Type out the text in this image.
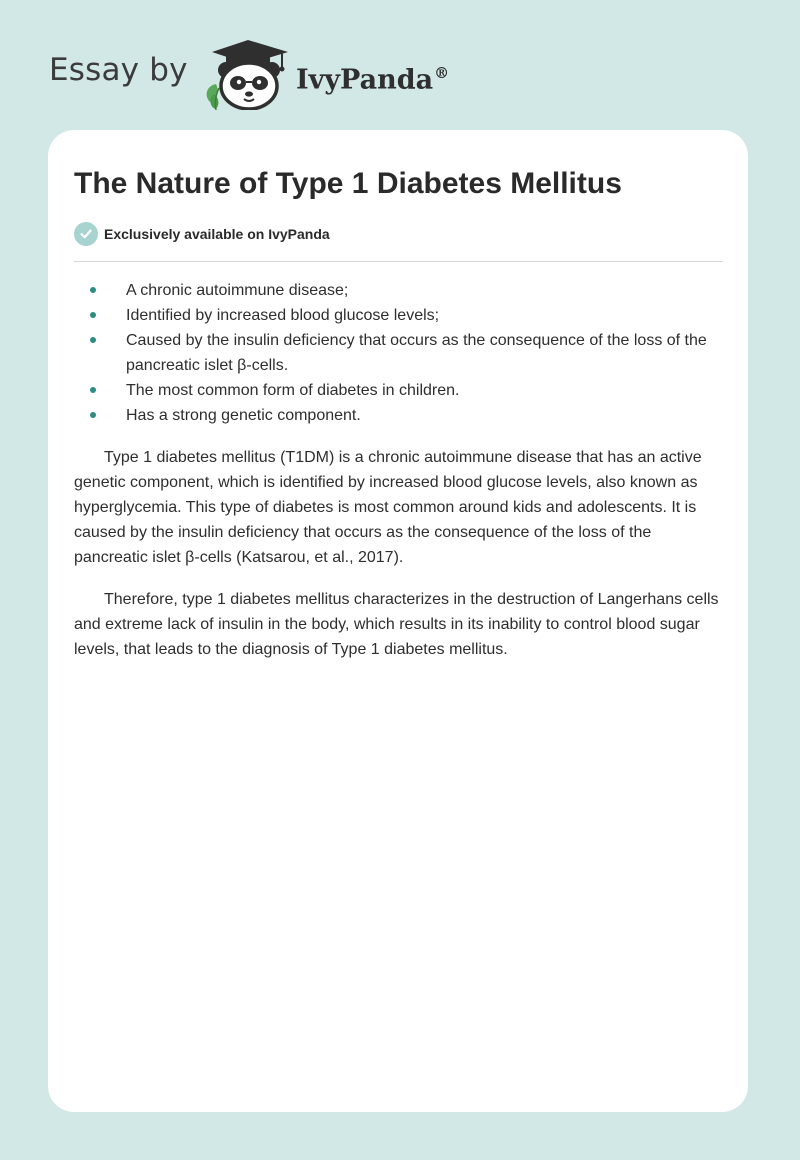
Essay by	IvyPanda®
The Nature of Type 1 Diabetes Mellitus
Exclusively available on IvyPanda
A chronic autoimmune disease;
Identified by increased blood glucose levels;
Caused by the insulin deficiency that occurs as the consequence of the loss of the pancreatic islet β-cells.
The most common form of diabetes in children.
Has a strong genetic component.

Type 1 diabetes mellitus (T1DM) is a chronic autoimmune disease that has an active genetic component, which is identified by increased blood glucose levels, also known as hyperglycemia. This type of diabetes is most common around kids and adolescents. It is caused by the insulin deficiency that occurs as the consequence of the loss of the pancreatic islet β-cells (Katsarou, et al., 2017).

Therefore, type 1 diabetes mellitus characterizes in the destruction of Langerhans cells and extreme lack of insulin in the body, which results in its inability to control blood sugar levels, that leads to the diagnosis of Type 1 diabetes mellitus.
